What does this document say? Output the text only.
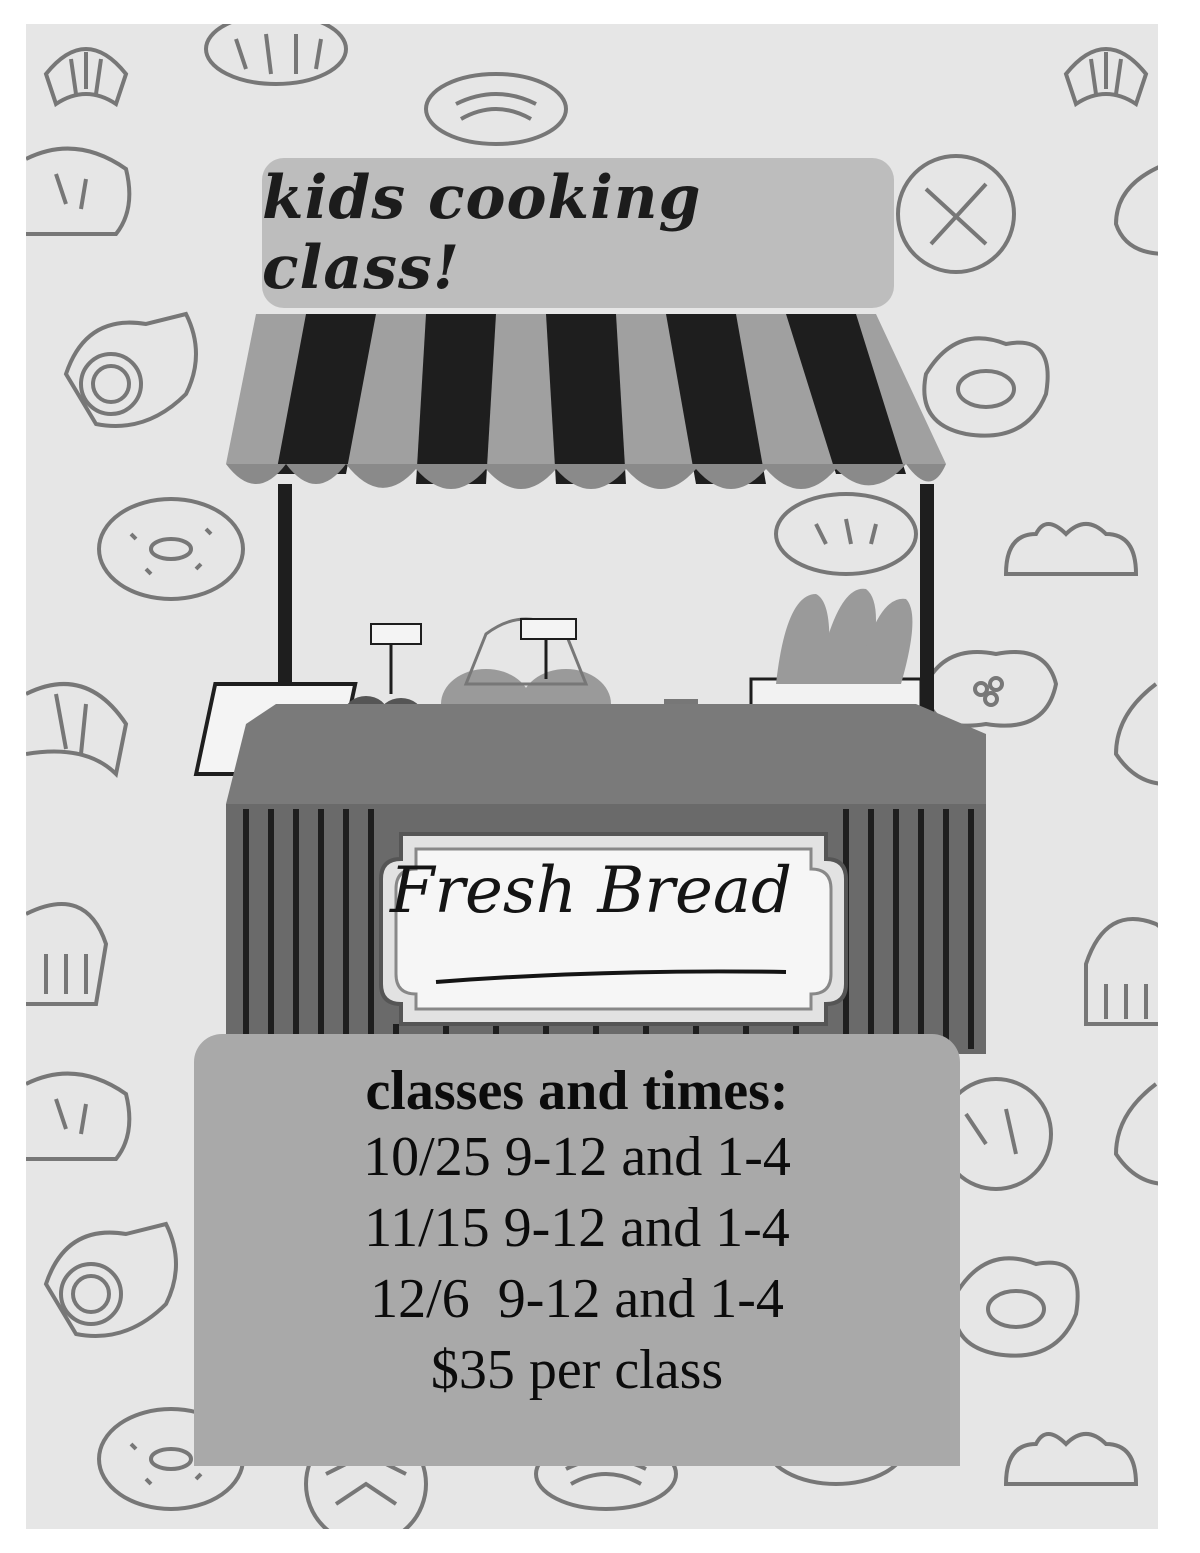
kids cooking class!
Fresh Bread
classes and times:
10/25 9-12 and 1-4
11/15 9-12 and 1-4
12/6  9-12 and 1-4
$35 per class
